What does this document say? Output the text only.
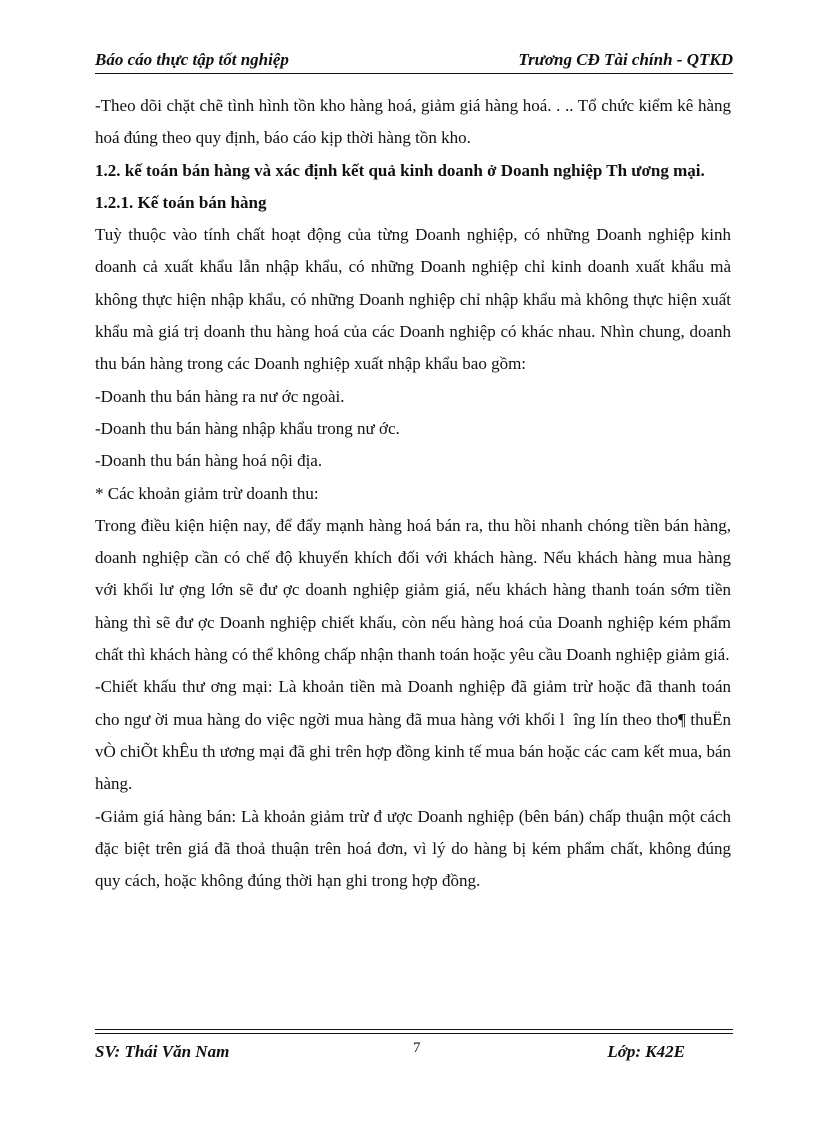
Báo cáo thực tập tốt nghiệp	Trương CĐ Tài chính - QTKD

-Theo dõi chặt chẽ tình hình tồn kho hàng hoá, giảm giá hàng hoá. . .. Tổ chức kiểm kê hàng hoá đúng theo quy định, báo cáo kịp thời hàng tồn kho.

1.2. kế toán bán hàng và xác định kết quả kinh doanh ở Doanh nghiệp Th ương mại.

1.2.1. Kế toán bán hàng

Tuỳ thuộc vào tính chất hoạt động của từng Doanh nghiệp, có những Doanh nghiệp kinh doanh cả xuất khẩu lẫn nhập khẩu, có những Doanh nghiệp chỉ kinh doanh xuất khẩu mà không thực hiện nhập khẩu, có những Doanh nghiệp chỉ nhập khẩu mà không thực hiện xuất khẩu mà giá trị doanh thu hàng hoá của các Doanh nghiệp có khác nhau. Nhìn chung, doanh thu bán hàng trong các Doanh nghiệp xuất nhập khẩu bao gồm:

-Doanh thu bán hàng ra nư ớc ngoài.

-Doanh thu bán hàng nhập khẩu trong nư ớc.

-Doanh thu bán hàng hoá nội địa.

* Các khoản giảm trừ doanh thu:

Trong điều kiện hiện nay, để đẩy mạnh hàng hoá bán ra, thu hồi nhanh chóng tiền bán hàng, doanh nghiệp cần có chế độ khuyến khích đối với khách hàng. Nếu khách hàng mua hàng với khối lư ợng lớn sẽ đư ợc doanh nghiệp giảm giá, nếu khách hàng thanh toán sớm tiền hàng thì sẽ đư ợc Doanh nghiệp chiết khấu, còn nếu hàng hoá của Doanh nghiệp kém phẩm chất thì khách hàng có thể không chấp nhận thanh toán hoặc yêu cầu Doanh nghiệp giảm giá.

-Chiết khấu thư ơng mại: Là khoản tiền mà Doanh nghiệp đã giảm trừ hoặc đã thanh toán cho ngư ời mua hàng do việc ngời mua hàng đã mua hàng với khối l îng lín theo tho¶ thuËn vÒ chiÕt khÊu th ương mại đã ghi trên hợp đồng kinh tế mua bán hoặc các cam kết mua, bán hàng.

-Giảm giá hàng bán: Là khoản giảm trừ đ ược Doanh nghiệp (bên bán) chấp thuận một cách đặc biệt trên giá đã thoả thuận trên hoá đơn, vì lý do hàng bị kém phẩm chất, không đúng quy cách, hoặc không đúng thời hạn ghi trong hợp đồng.

SV: Thái Văn Nam	7	Lớp: K42E
